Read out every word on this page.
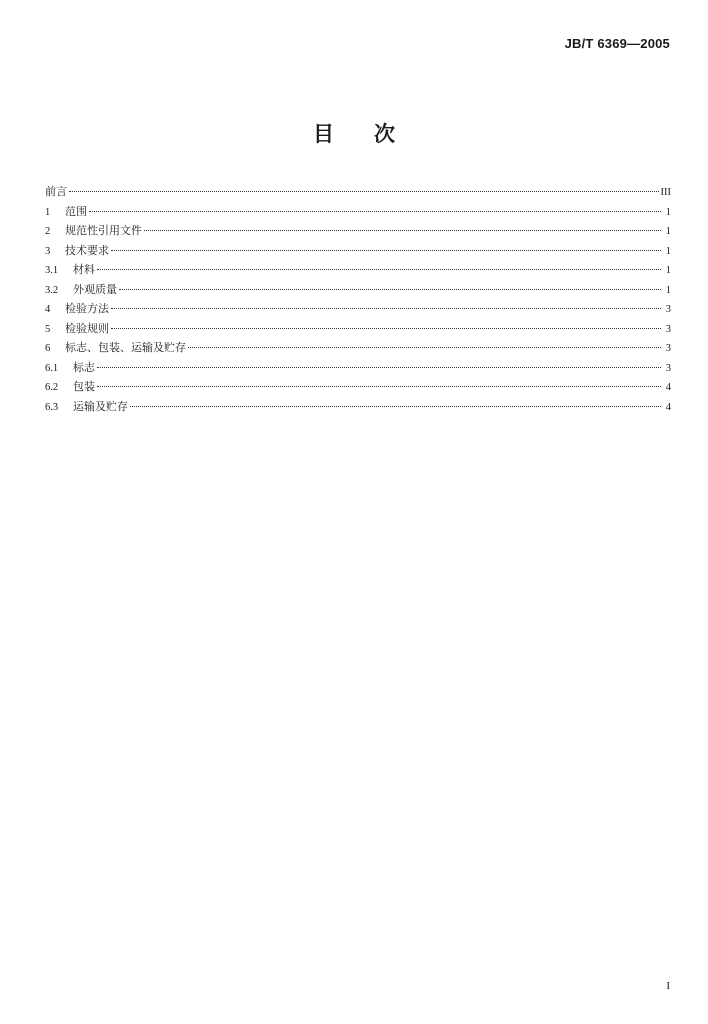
JB/T 6369—2005
目次
前言	III
1	范围	1
2	规范性引用文件	1
3	技术要求	1
3.1	材料	1
3.2	外观质量	1
4	检验方法	3
5	检验规则	3
6	标志、包装、运输及贮存	3
6.1	标志	3
6.2	包装	4
6.3	运输及贮存	4
I
